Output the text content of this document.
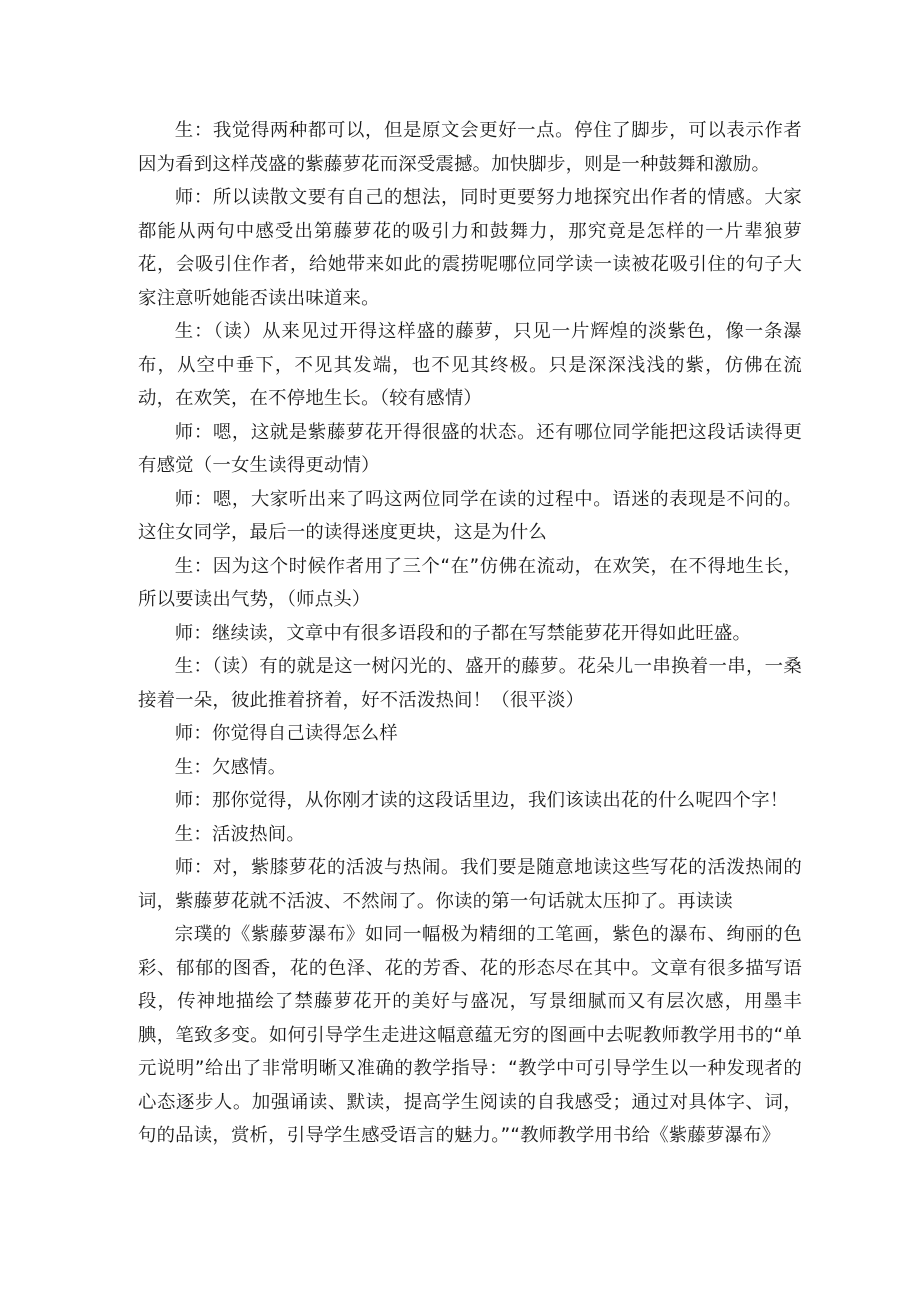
生：我觉得两种都可以，但是原文会更好一点。停住了脚步，可以表示作者因为看到这样茂盛的紫藤萝花而深受震撼。加快脚步，则是一种鼓舞和激励。

师：所以读散文要有自己的想法，同时更要努力地探究出作者的情感。大家都能从两句中感受出第藤萝花的吸引力和鼓舞力，那究竟是怎样的一片辈狼萝花，会吸引住作者，给她带来如此的震捞呢哪位同学读一读被花吸引住的句子大家注意听她能否读出味道来。

生：（读）从来见过开得这样盛的藤萝，只见一片辉煌的淡紫色，像一条瀑布，从空中垂下，不见其发端，也不见其终极。只是深深浅浅的紫，仿佛在流动，在欢笑，在不停地生长。（较有感情）

师：嗯，这就是紫藤萝花开得很盛的状态。还有哪位同学能把这段话读得更有感觉（一女生读得更动情）

师：嗯，大家听出来了吗这两位同学在读的过程中。语迷的表现是不问的。这住女同学，最后一的读得迷度更块，这是为什么

生：因为这个时候作者用了三个“在”仿佛在流动，在欢笑，在不得地生长，所以要读出气势，（师点头）

师：继续读，文章中有很多语段和的子都在写禁能萝花开得如此旺盛。

生：（读）有的就是这一树闪光的、盛开的藤萝。花朵儿一串换着一串，一桑接着一朵，彼此推着挤着，好不活泼热间！（很平淡）

师：你觉得自己读得怎么样

生：欠感情。

师：那你觉得，从你刚才读的这段话里边，我们该读出花的什么呢四个字！

生：活波热间。

师：对，紫膝萝花的活波与热闹。我们要是随意地读这些写花的活泼热闹的词，紫藤萝花就不活波、不然闹了。你读的第一句话就太压抑了。再读读

宗璞的《紫藤萝瀑布》如同一幅极为精细的工笔画，紫色的瀑布、绚丽的色彩、郁郁的图香，花的色泽、花的芳香、花的形态尽在其中。文章有很多描写语段，传神地描绘了禁藤萝花开的美好与盛况，写景细腻而又有层次感，用墨丰腆，笔致多变。如何引导学生走进这幅意蕴无穷的图画中去呢教师教学用书的“单元说明”给出了非常明晰又准确的教学指导：“教学中可引导学生以一种发现者的心态逐步人。加强诵读、默读，提高学生阅读的自我感受；通过对具体字、词，句的品读，赏析，引导学生感受语言的魅力。”“教师教学用书给《紫藤萝瀑布》
